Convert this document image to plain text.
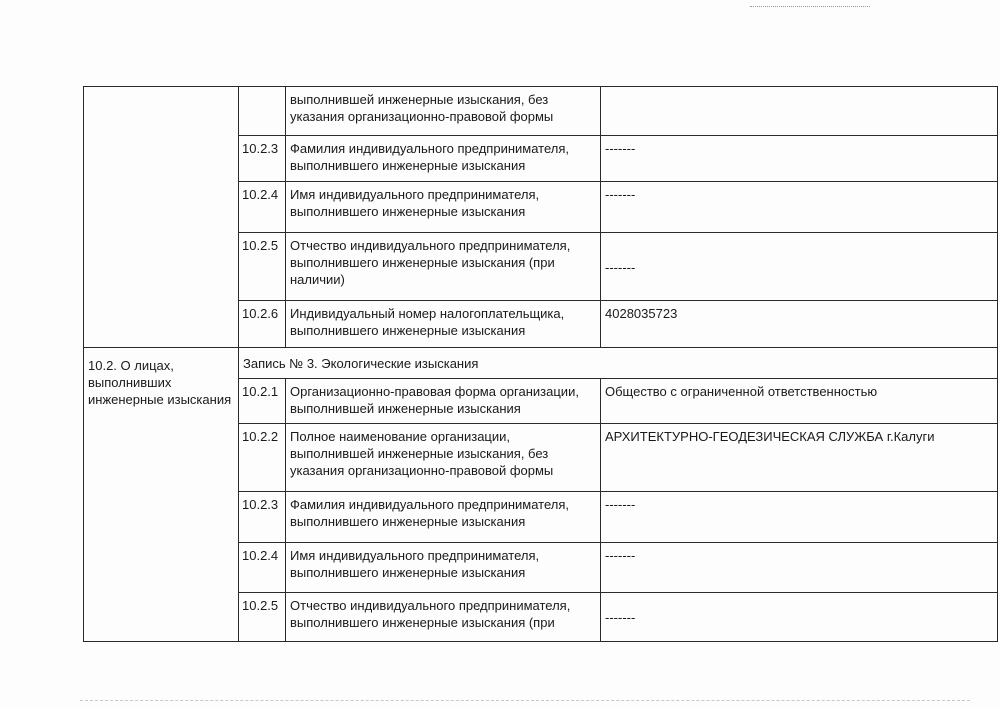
		выполнившей инженерные изыскания, без указания организационно-правовой формы	
	10.2.3	Фамилия индивидуального предпринимателя, выполнившего инженерные изыскания	-------
	10.2.4	Имя индивидуального предпринимателя, выполнившего инженерные изыскания	-------
	10.2.5	Отчество индивидуального предпринимателя, выполнившего инженерные изыскания (при наличии)	-------
	10.2.6	Индивидуальный номер налогоплательщика, выполнившего инженерные изыскания	4028035723
10.2. О лицах, выполнивших инженерные изыскания	Запись № 3. Экологические изыскания		
	10.2.1	Организационно-правовая форма организации, выполнившей инженерные изыскания	Общество с ограниченной ответственностью
	10.2.2	Полное наименование организации, выполнившей инженерные изыскания, без указания организационно-правовой формы	АРХИТЕКТУРНО-ГЕОДЕЗИЧЕСКАЯ СЛУЖБА г.Калуги
	10.2.3	Фамилия индивидуального предпринимателя, выполнившего инженерные изыскания	-------
	10.2.4	Имя индивидуального предпринимателя, выполнившего инженерные изыскания	-------
	10.2.5	Отчество индивидуального предпринимателя, выполнившего инженерные изыскания (при	-------
